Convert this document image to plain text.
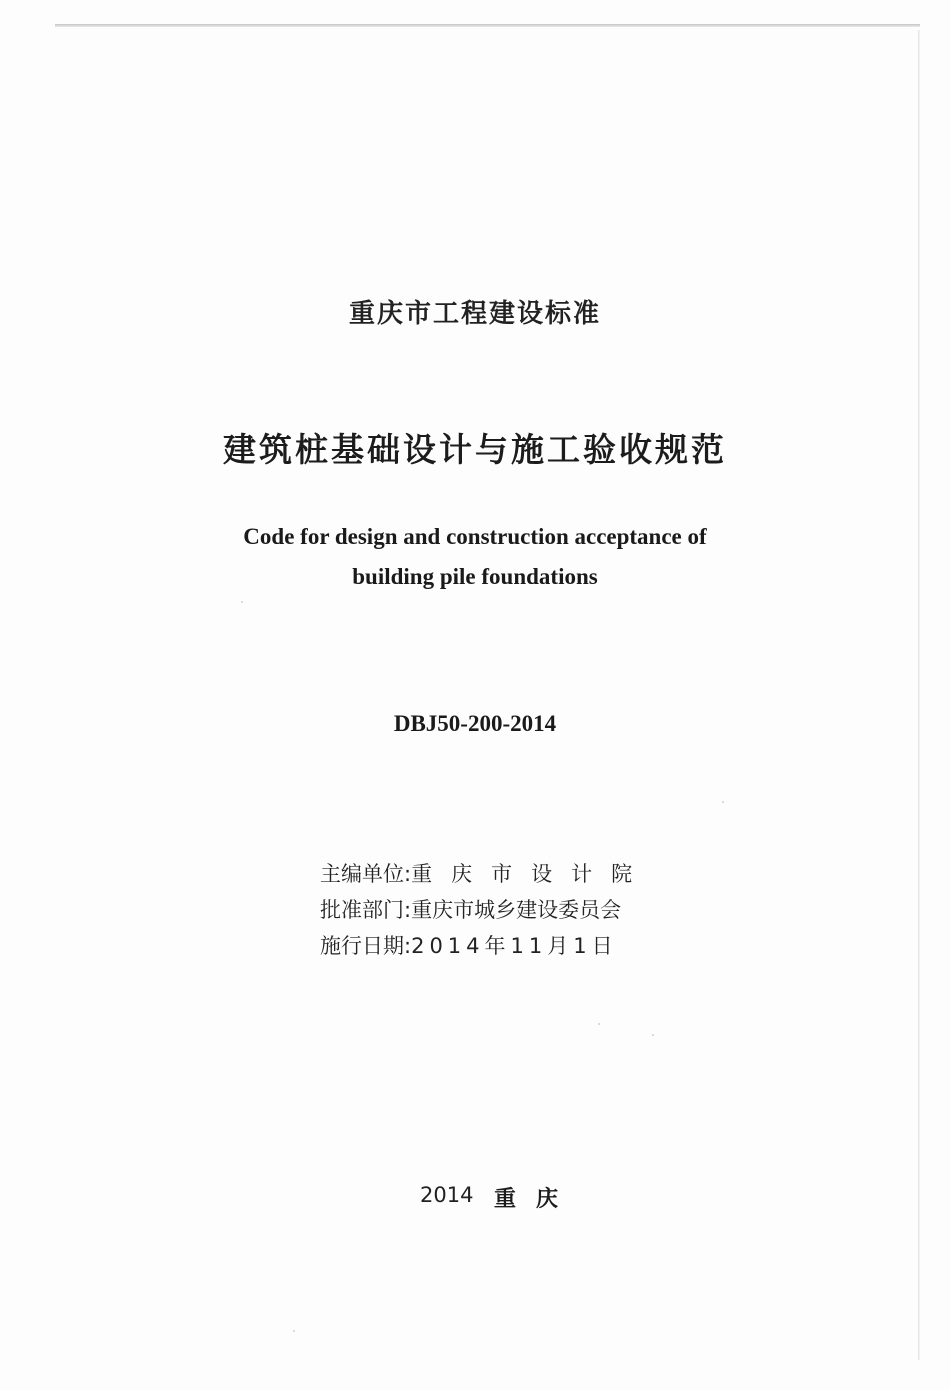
重庆市工程建设标准
建筑桩基础设计与施工验收规范
Code for design and construction acceptance of
building pile foundations
DBJ50-200-2014
主编单位: 重庆市设计院
批准部门: 重庆市城乡建设委员会
施行日期: 2014年11月1日
2014 重庆
